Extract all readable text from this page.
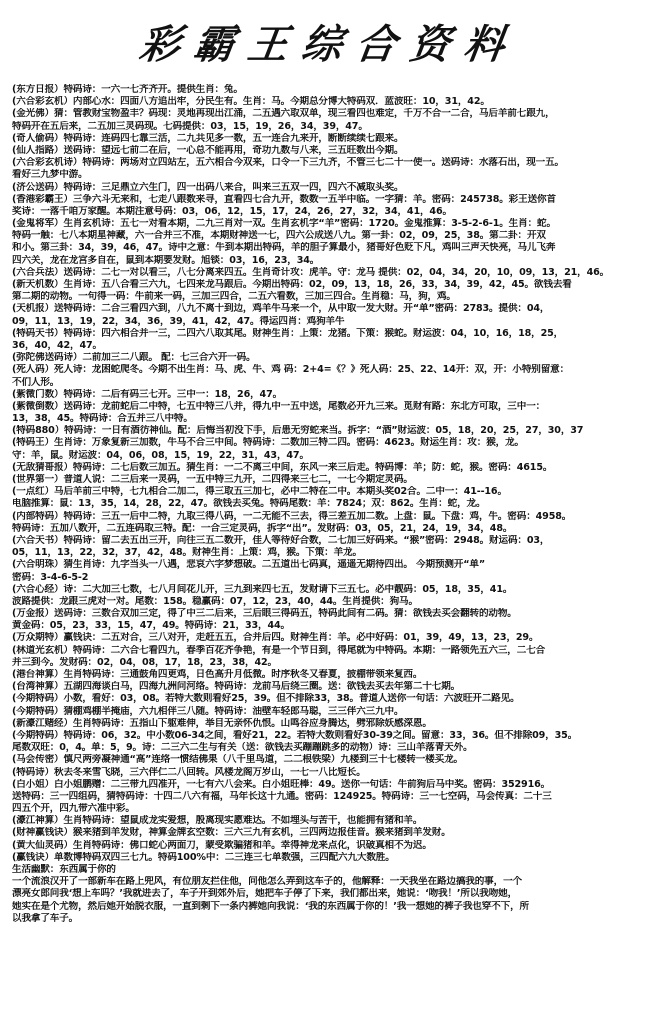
彩霸王综合资料
(东方日报）特码诗：一六一七齐齐开。提供生肖：兔。
(六合彩玄机）内部心水：四面八方追出牢，分民生有。生肖：马。今期总分博大特码双．蓝波旺：10，31，42。
(金光佛）猜：管教财宝物盈丰？码现：灵地再现出江涌，二五遇六取双单，现三看四也难定，千万不合一二合，马后羊前七跟九，
特码开在五后来，二五加三灵码现。七码提供：03，15，19，26，34，39，47。
(奇人偷码）特码诗：连码四七靠三活，二九共见多一数，五一连合九来开，断断续续七跟来。
(仙人指路）送码诗：望远七前二在后，一心总不能再用，奇功九数与八来，三五旺数出今期。
(六合彩玄机诗）特码诗：两场对立四站左，五六相合今双来，口令一下三九齐，不管三七二十一使一。送码诗：水落石出，现一五。
看好三九梦中游。
(济公送码）特码诗：三足鼎立六生门，四一出码八来合，叫来三五双一四，四六不减取头奖。
(香港彩霸王）三争六斗无来和，七走八跟数来寻，直看四七合九开，数数一五半中临。一字猜：羊。密码：245738。彩王送你首
奖诗：一落千咱万家醒。本期注意号码：03，06，12，15，17，24，26，27，32，34，41，46。
(金鬼将军）生肖玄机诗：五七一对看本期，二九三肖对一双。生肖玄机字“羊”密码：1720。金鬼推算：3-5-2-6-1。生肖：蛇。
特码一触：七八本期星神藏，六一合并三不准，本期财神送一七，四六公成送八九。第一卦：02，09，25，38。第二卦：开双
和小。第三卦：34，39，46，47。诗中之意：牛到本期出特码，羊的胆子算最小，猪哥好色贬下凡，鸡叫三声天快亮，马儿飞奔
四六关，龙在龙宫多自在，鼠到本期要发财。旭锬：03，16，23，34。
(六合兵法）送码诗：二七一对以看三，八七分离来四五。生肖奇计攻：虎羊。守：龙马 提供：02，04，34，20，10，09，13，21，46。
(新天机数）生肖诗：五八合看三六九，七四来龙马跟后。今期出特码：02，09，13，18，26，33，34，39，42，45。欲钱去看
第二期的动物。一句得一码：牛前来一码，三加三四合，二五六看数，三加三四合。生肖稳：马，狗，鸡。
(天机报）送特码诗：二合三看四六到，八九不离十到边，鸡羊牛马来一个，从中取一发大财。开“单”密码：2783。提供：04，
09，11，13，19，22，34，36，39，41，42，47。得运四肖：鸡狗羊牛
(特码天书）特码诗：四六相合并一三，二四六八取其尾。财神生肖：上策：龙猪。下策：猴蛇。财运波：04，10，16，18，25，
36，40，42，47。
(弥陀佛送码诗）二前加三二八跟。 配：七三合六开一码。
(死人码）死人诗：龙困蛇爬冬。今期不出生肖：马、虎、牛、鸡 码：2+4=《？》死人码：25、22、14开：双，开：小特别留意：
不们人形。
(紫微门数）特码诗：二后有码三七开。三中一：18，26，47。
(紫微倒数）送码诗：龙前蛇后二中特，七五中特三八并，得九中一五中送，尾数必开九三来。觅财有路：东北方可取，三中一：
13，38，45。特码诗：合五并三八中特。
(特码880）特码诗：一日有酒彷神仙。配：后悔当初没下手，后患无穷蛇来当。拆字：“酒”财运波：05，18，20，25，27，30，37
(特码王）生肖诗：万象复新三加数，牛马不合三中间。特码诗：二数加三特二四。密码：4623。财运生肖：攻：猴，龙。
守：羊，鼠。财运波：04，06，08，15，19，22，31，43，47。
(无敌猜哥报）特码诗：二七后数三加五。猜生肖：一二不离三中间，东风一来三后走。特码博：羊；防：蛇，猴。密码：4615。
(世界第一）普道人说：二三后来一灵码，一五中特三九开，二四得来三七二，一七今期定灵码。
(一点红）马后羊前三中特，七九相合二加二，得三取五三加七，必中二特在二中。本期头奖02合。二中一：41--16。
电脑推算：鼠：13，35，14，28，22，47。欲钱去买兔。特码尾数：羊：7824；双：862。生肖：蛇，龙。
(内部特码）特码诗：三五一后中二特，九取三得八码，一二无能不三去，得三差五加二数。上盘：鼠。下盘：鸡，牛。密码：4958。
特码诗：五加八数开，二五连码取三特。配：一合三定灵码，拆字“出”。发财码：03，05，21，24，19，34，48。
(六合天书）特码诗：留二去五出三开，向往三五二数开，佳人等待好合数，二七加三好码来。“猴”密码：2948。财运码：03，
05，11，13，22，32，37，42，48。财神生肖：上策：鸡，猴。下策：羊龙。
(六合明珠）猜生肖诗：九字当头一八遇，悲哀六字梦想破。二五道出七码真，遥遥无期待四出。 今期预测开“单”
密码：3-4-6-5-2
(六合心经）诗：二大加三七数，七八月间花儿开，三九到来四七五，发财请下三五七。必中靓码：05，18，35，41。
波路提供：龙跟三虎对一对。尾数：158。稳赢码：07，12，23，40，44。生肖提供：狗马。
(万金报）送码诗：三数合双加三定，得了中三二后来，三后眼三得码五，特码此间有二码。猜：欲钱去买会翻转的动物。
黄金码：05，23，33，15，47，49。特码诗：21，33，44。
(万众期特）赢钱诀：二五对合，三八对开，走赶五五，合并后四。财神生肖：羊。必中好码：01，39，49，13，23，29。
(林道光玄机）特码诗：二六合七看四九，春季百花齐争艳，有是一个节日到，得尾就为中特码。本期：一路领先五六三，二七合
并三到今。发财码：02，04，08，17，18，23，38，42。
(港台神算）生肖特码诗：三通鼓角四更鸡，日色高升月低微。时序秋冬又春夏，披棚带领来复西。
(台湾神算）五湖四海谈白马，四海九洲问河络。特码诗：龙前马后绕三圈。送：欲钱去买去年第二十七期。
(今期特码）小数，看好：03，08。若特大数则看好25，39。但不排除33，38。普道人送你一句话：六波旺开二路见。
(今期特码）猜棚鸡棚半掩庙，六九相伴三八随。特码诗：油壁车轻郎马聪，三三伴六三九中。
(新濠江赌经）生肖特码诗：五指山下躯难伸，举目无亲怀仇恨。山鸣谷应身腾达，劈邪除妖感深恩。
(今期特码）特码诗：06，32。中小数06-34之间，看好21，22。若特大数则看好30-39之间。留意：33，36。但不排除09，35。
尾数双旺：0，4。单：5，9。诗：二三六二生与有关（送：欲钱去买蹦蹦跳多的动物）诗：三山羊落青天外。
(马会传密）慎尺两旁凝神通“高”连络一惯结佛果（八千里鸟道，二二根铁梁）九楼到三十七楼转一楼买龙。
(特码诗）秋去冬来雪飞晓，三六伴仁二八回转。风楼龙阁万岁山，一七一八比短长。
(白小姐）白小姐鹏赠：二三带九四准开，一七有六八会来。白小姐旺棒：49。送你一句话：牛前狗后马中奖。密码：352916。
送特码：三一四组码，猜特码诗：十四二八六有福，马年长这十九通。密码：124925。特码诗：三一七空码，马会传真：二十三
四五个开，四九带六准中彩。
(濠江神算）生肖特码诗：望鼠成龙实爱想，殷离现实愿难达。不如埋头与苦干，也能拥有猪和羊。
(财神赢钱诀）猴来猪到羊发财，神算金牌玄空数：三六三九有玄机，三四两边报佳音。猴来猪到羊发财。
(黄大仙灵码）生肖特码诗：佛口蛇心两面刀，蒙受欺骗猪和羊。幸得神龙来点化，识破真相不为迟。
(赢钱诀）单数博特码双四三七九。特码100%中：二三连三七单数强，三四配六九大数胜。
生活幽默：东西属于你的
一个流浪汉开了一部新车在路上兜风，有位朋友拦住他，问他怎么弄到这车子的，他解释：一天我坐在路边搞我的事，一个
漂亮女郎问我‘想上车吗？’我就进去了，车子开到郊外后，她把车子停了下来，我们都出来，她说：‘吻我！’所以我吻她，
她实在是个尤物，然后她开始脱衣服，一直到剩下一条内裤她向我说：‘我的东西属于你的！’我一想她的裤子我也穿不下，所
以我拿了车子。
